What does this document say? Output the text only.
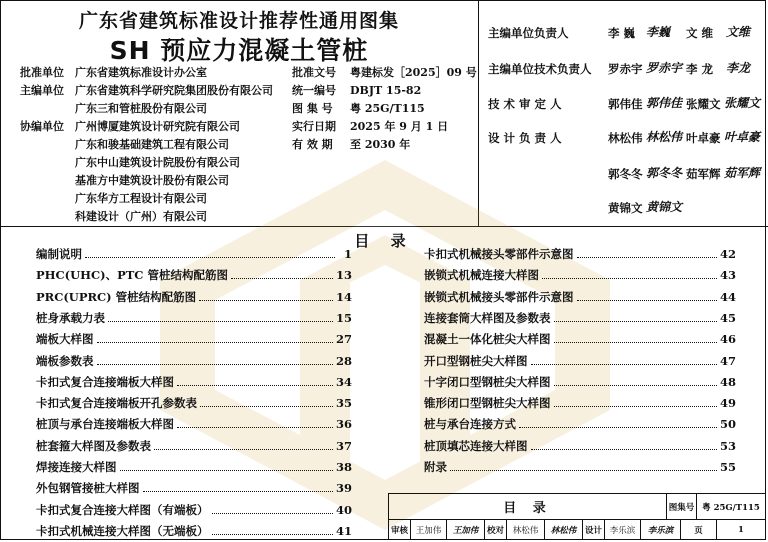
广东省建筑标准设计推荐性通用图集
SH 预应力混凝土管桩
批准单位 广东省建筑标准设计办公室
主编单位 广东省建筑科学研究院集团股份有限公司
广东三和管桩股份有限公司
协编单位 广州博厦建筑设计研究院有限公司
广东和骏基础建筑工程有限公司
广东中山建筑设计院股份有限公司
基准方中建筑设计股份有限公司
广东华方工程设计有限公司
科建设计（广州）有限公司
批准文号 粤建标发［2025］09 号
统一编号 DBJT 15-82
图 集 号 粤 25G/T115
实行日期 2025 年 9 月 1 日
有 效 期 至 2030 年
主编单位负责人	李 巍 李巍 文 维 文维
主编单位技术负责人 罗赤宇 罗赤宇 李 龙 李龙
技 术 审 定 人	郭伟佳 郭伟佳 张耀文 张耀文
设 计 负 责 人	林松伟 林松伟 叶卓豪 叶卓豪
郭冬冬 郭冬冬 茹军辉 茹军辉
黄锦文 黄锦文
目 录
编制说明	1
PHC(UHC)、PTC 管桩结构配筋图	13
PRC(UPRC) 管桩结构配筋图	14
桩身承载力表	15
端板大样图	27
端板参数表	28
卡扣式复合连接端板大样图	34
卡扣式复合连接端板开孔参数表	35
桩顶与承台连接端板大样图	36
桩套箍大样图及参数表	37
焊接连接大样图	38
外包钢管接桩大样图	39
卡扣式复合连接大样图（有端板）	40
卡扣式机械连接大样图（无端板）	41
卡扣式机械接头零部件示意图	42
嵌锁式机械连接大样图	43
嵌锁式机械接头零部件示意图	44
连接套筒大样图及参数表	45
混凝土一体化桩尖大样图	46
开口型钢桩尖大样图	47
十字闭口型钢桩尖大样图	48
锥形闭口型钢桩尖大样图	49
桩与承台连接方式	50
桩顶填芯连接大样图	53
附录	55
目 录	图集号 粤 25G/T115
审核 王加伟	王加伟	校对	林松伟	林松伟	设计 李乐滨	李乐滨	页	1
